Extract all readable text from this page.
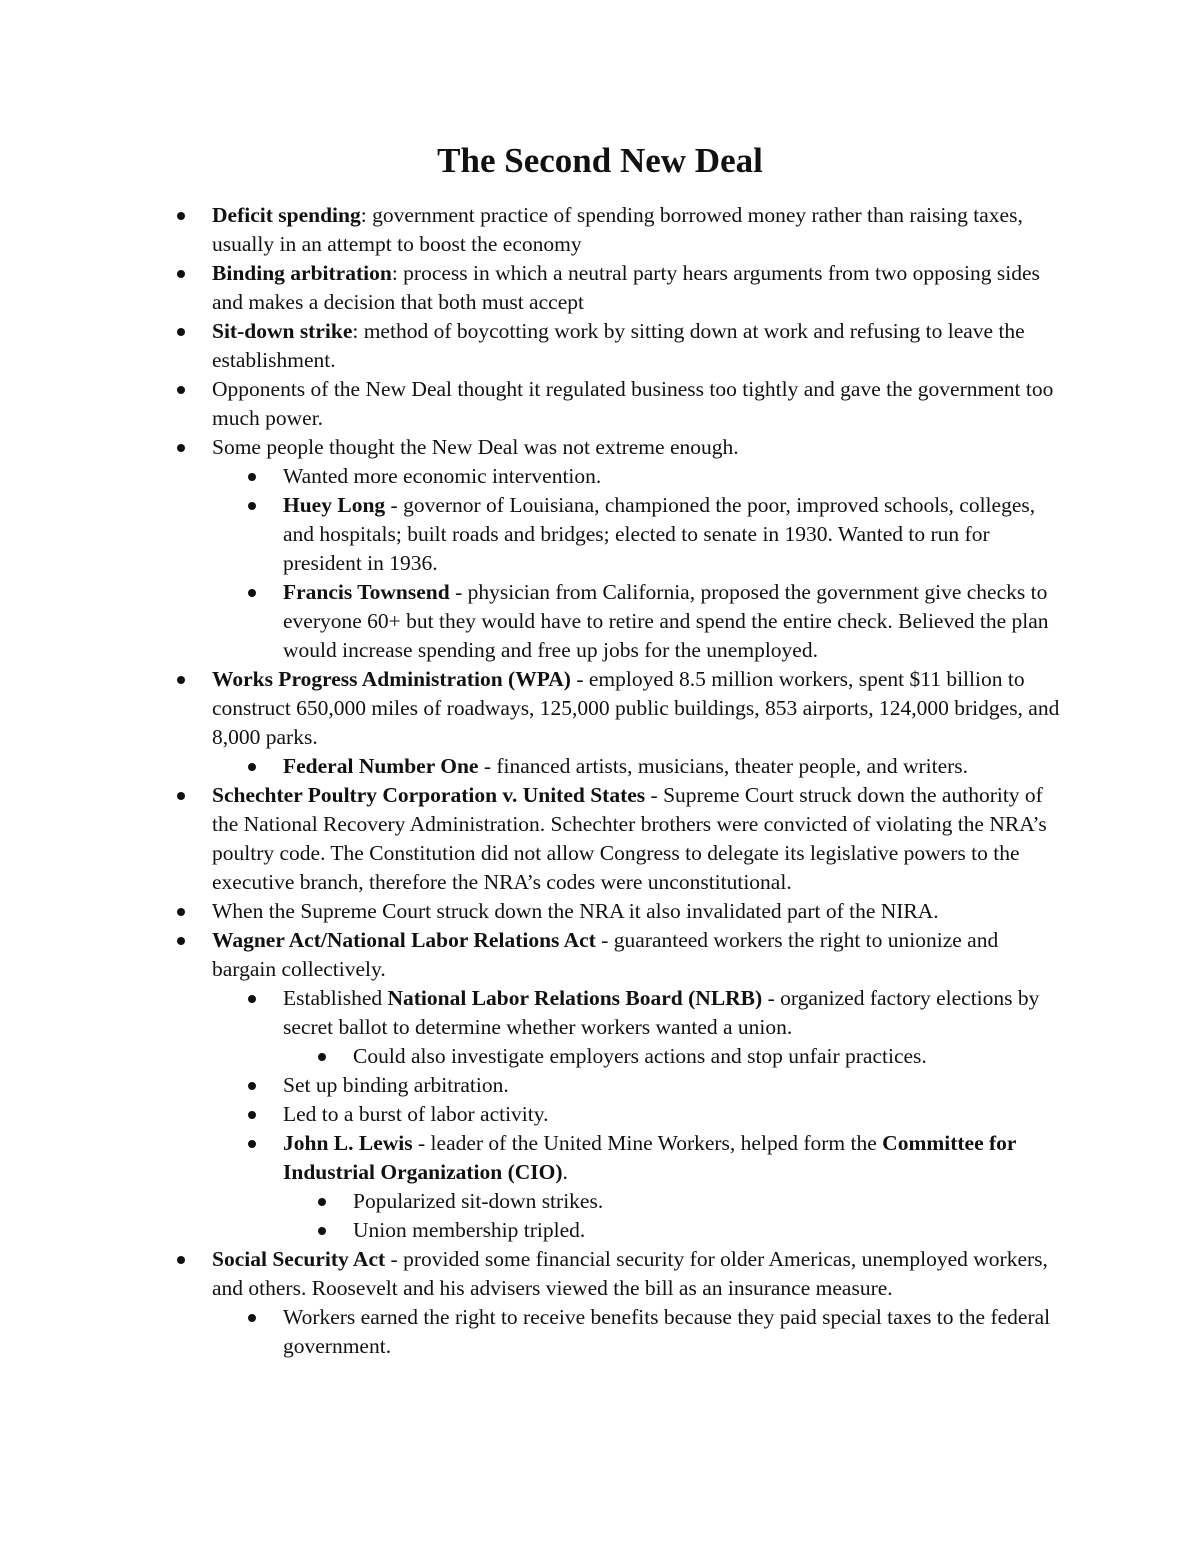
The Second New Deal
Deficit spending: government practice of spending borrowed money rather than raising taxes, usually in an attempt to boost the economy
Binding arbitration: process in which a neutral party hears arguments from two opposing sides and makes a decision that both must accept
Sit-down strike: method of boycotting work by sitting down at work and refusing to leave the establishment.
Opponents of the New Deal thought it regulated business too tightly and gave the government too much power.
Some people thought the New Deal was not extreme enough.
Wanted more economic intervention.
Huey Long - governor of Louisiana, championed the poor, improved schools, colleges, and hospitals; built roads and bridges; elected to senate in 1930. Wanted to run for president in 1936.
Francis Townsend - physician from California, proposed the government give checks to everyone 60+ but they would have to retire and spend the entire check. Believed the plan would increase spending and free up jobs for the unemployed.
Works Progress Administration (WPA) - employed 8.5 million workers, spent $11 billion to construct 650,000 miles of roadways, 125,000 public buildings, 853 airports, 124,000 bridges, and 8,000 parks.
Federal Number One - financed artists, musicians, theater people, and writers.
Schechter Poultry Corporation v. United States - Supreme Court struck down the authority of the National Recovery Administration. Schechter brothers were convicted of violating the NRA’s poultry code. The Constitution did not allow Congress to delegate its legislative powers to the executive branch, therefore the NRA’s codes were unconstitutional.
When the Supreme Court struck down the NRA it also invalidated part of the NIRA.
Wagner Act/National Labor Relations Act - guaranteed workers the right to unionize and bargain collectively.
Established National Labor Relations Board (NLRB) - organized factory elections by secret ballot to determine whether workers wanted a union.
Could also investigate employers actions and stop unfair practices.
Set up binding arbitration.
Led to a burst of labor activity.
John L. Lewis - leader of the United Mine Workers, helped form the Committee for Industrial Organization (CIO).
Popularized sit-down strikes.
Union membership tripled.
Social Security Act - provided some financial security for older Americas, unemployed workers, and others. Roosevelt and his advisers viewed the bill as an insurance measure.
Workers earned the right to receive benefits because they paid special taxes to the federal government.
